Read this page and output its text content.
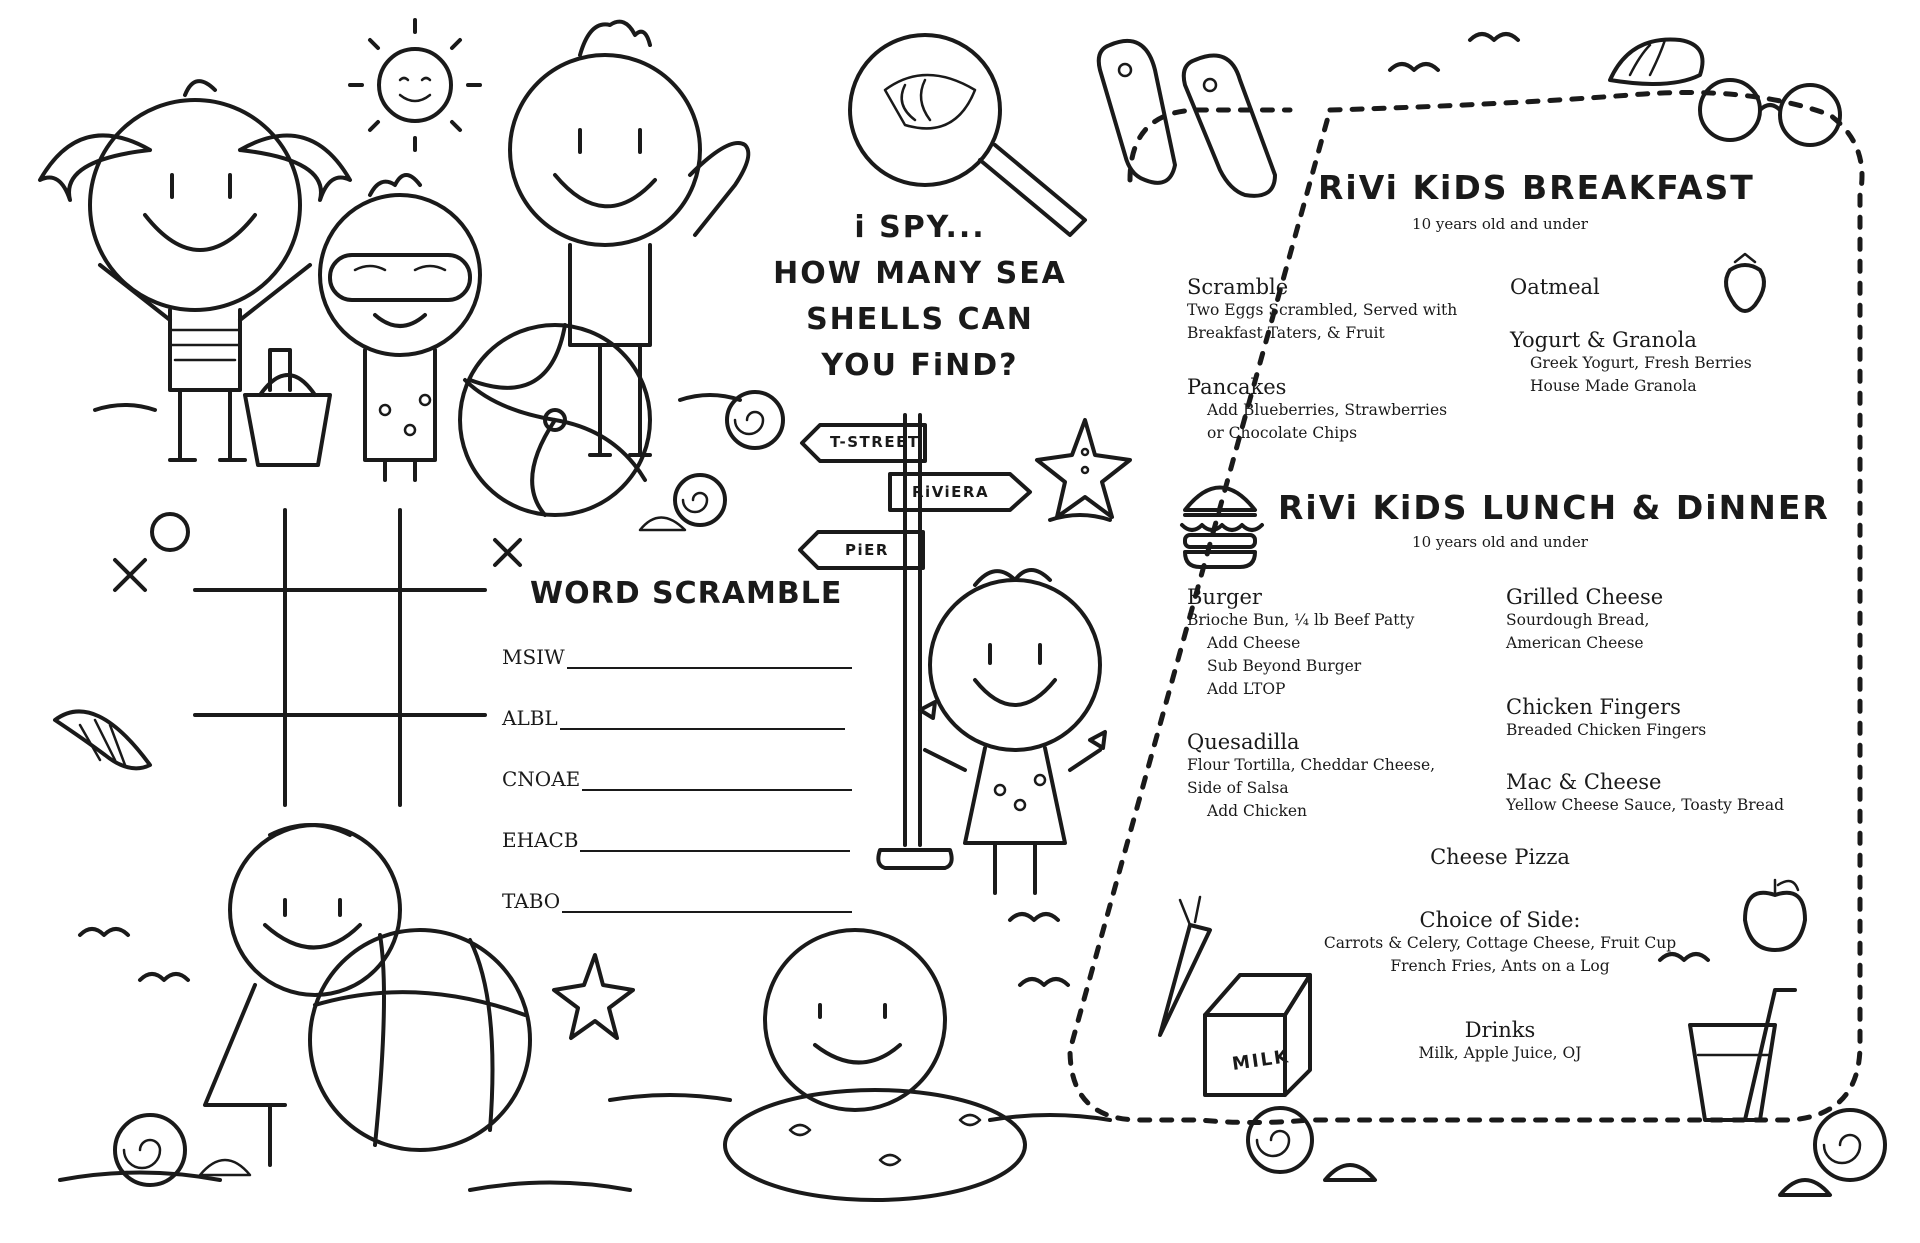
i SPY...
HOW MANY SEA
SHELLS CAN
YOU FiND?
T-STREET
RiViERA
PiER
WORD SCRAMBLE
MSIW
ALBL
CNOAE
EHACB
TABO
MILK
RiVi KiDS BREAKFAST
10 years old and under
Scramble
Two Eggs Scrambled, Served with
Breakfast Taters, & Fruit
Pancakes
Add Blueberries, Strawberries
or Chocolate Chips
Oatmeal
Yogurt & Granola
Greek Yogurt, Fresh Berries
House Made Granola
RiVi KiDS LUNCH & DiNNER
10 years old and under
Burger
Brioche Bun, ¼ lb Beef Patty
Add Cheese
Sub Beyond Burger
Add LTOP
Quesadilla
Flour Tortilla, Cheddar Cheese,
Side of Salsa
Add Chicken
Grilled Cheese
Sourdough Bread,
American Cheese
Chicken Fingers
Breaded Chicken Fingers
Mac & Cheese
Yellow Cheese Sauce, Toasty Bread
Cheese Pizza
Choice of Side:
Carrots & Celery, Cottage Cheese, Fruit Cup
French Fries, Ants on a Log
Drinks
Milk, Apple Juice, OJ
